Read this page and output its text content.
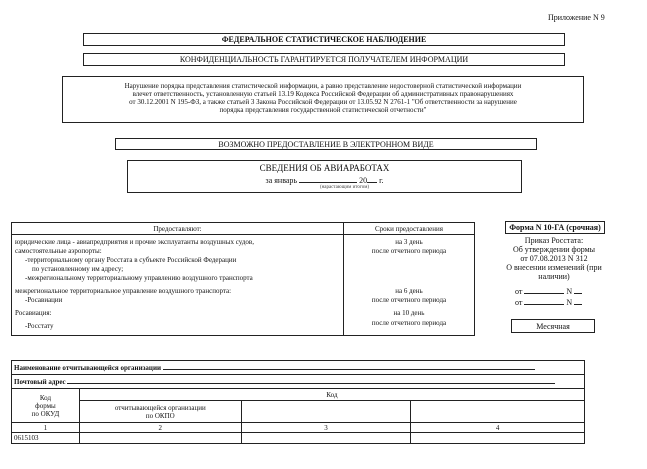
Приложение N 9
ФЕДЕРАЛЬНОЕ СТАТИСТИЧЕСКОЕ НАБЛЮДЕНИЕ
КОНФИДЕНЦИАЛЬНОСТЬ ГАРАНТИРУЕТСЯ ПОЛУЧАТЕЛЕМ ИНФОРМАЦИИ
Нарушение порядка представления статистической информации, а равно представление недостоверной статистической информации
влечет ответственность, установленную статьей 13.19 Кодекса Российской Федерации об административных правонарушениях
от 30.12.2001 N 195-ФЗ, а также статьей 3 Закона Российской Федерации от 13.05.92 N 2761-1 "Об ответственности за нарушение
порядка представления государственной статистической отчетности"
ВОЗМОЖНО ПРЕДОСТАВЛЕНИЕ В ЭЛЕКТРОННОМ ВИДЕ
СВЕДЕНИЯ ОБ АВИАРАБОТАХ
за январь	20 г.
(нарастающим итогом)
Предоставляют:	Сроки предоставления
юридические лица - авиапредприятия и прочие эксплуатанты воздушных судов,	на 3 день
самостоятельные аэропорты:	после отчетного периода
-территориальному органу Росстата в субъекте Российской Федерации
по установленному им адресу;
-межрегиональному территориальному управлению воздушного транспорта
межрегиональное территориальное управление воздушного транспорта:	на 6 день
-Росавиации	после отчетного периода
Росавиация:	на 10 день
-Росстату	после отчетного периода
Форма N 10-ГА (срочная)
Приказ Росстата:
Об утверждении формы
от 07.08.2013 N 312
О внесении изменений (при
наличии)
от	N
от	N
Месячная
Наименование отчитывающейся организации			
Почтовый адрес			

Код
формы
по ОКУД	Код		

	отчитывающейся организации
по ОКПО		

1	2	3	4
0615103			
